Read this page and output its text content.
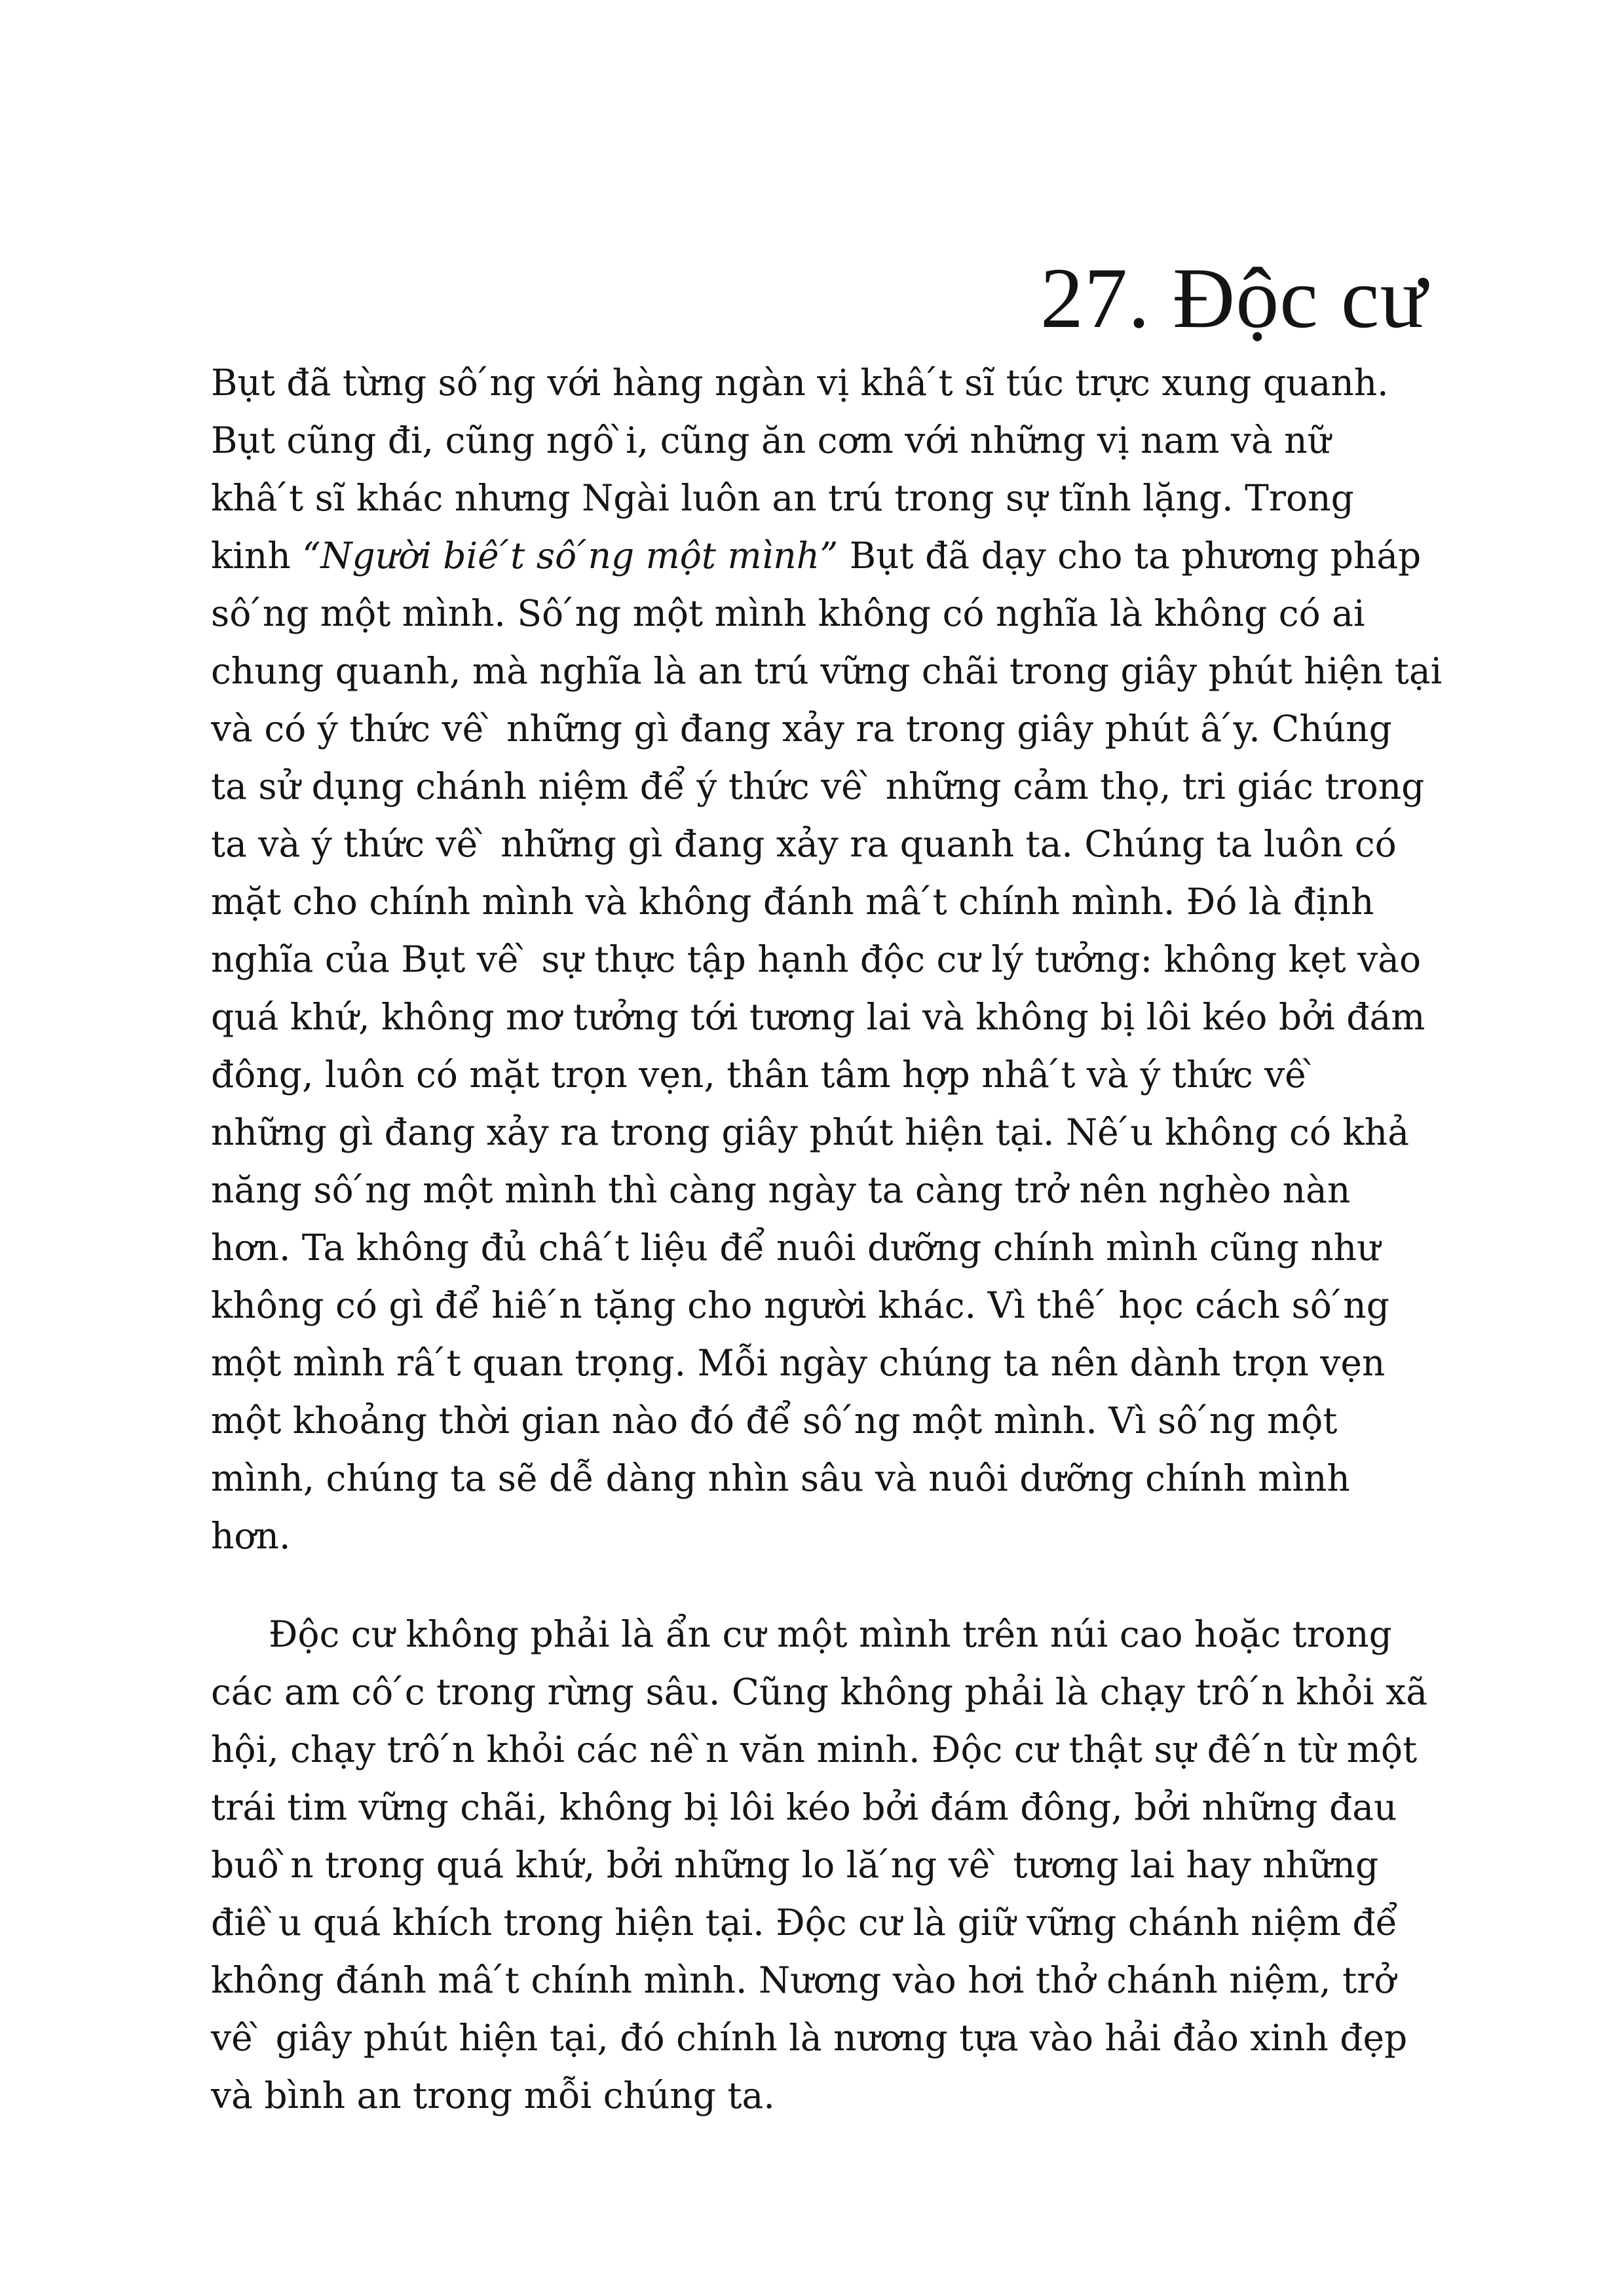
27. Độc cư
Bụt đã từng sô ́ng với hàng ngàn vị khâ ́t sĩ túc trực xung quanh.
Bụt cũng đi, cũng ngô ̀i, cũng ăn cơm với những vị nam và nữ
khâ ́t sĩ khác nhưng Ngài luôn an trú trong sự tĩnh lặng. Trong
kinh “Người biê ́t sô ́ng một mình” Bụt đã dạy cho ta phương pháp
sô ́ng một mình. Sô ́ng một mình không có nghĩa là không có ai
chung quanh, mà nghĩa là an trú vững chãi trong giây phút hiện tại
và có ý thức vê ̀ những gì đang xảy ra trong giây phút â ́y. Chúng
ta sử dụng chánh niệm để ý thức vê ̀ những cảm thọ, tri giác trong
ta và ý thức vê ̀ những gì đang xảy ra quanh ta. Chúng ta luôn có
mặt cho chính mình và không đánh mâ ́t chính mình. Đó là định
nghĩa của Bụt vê ̀ sự thực tập hạnh độc cư lý tưởng: không kẹt vào
quá khứ, không mơ tưởng tới tương lai và không bị lôi kéo bởi đám
đông, luôn có mặt trọn vẹn, thân tâm hợp nhâ ́t và ý thức vê ̀
những gì đang xảy ra trong giây phút hiện tại. Nê ́u không có khả
năng sô ́ng một mình thì càng ngày ta càng trở nên nghèo nàn
hơn. Ta không đủ châ ́t liệu để nuôi dưỡng chính mình cũng như
không có gì để hiê ́n tặng cho người khác. Vì thê ́ học cách sô ́ng
một mình râ ́t quan trọng. Mỗi ngày chúng ta nên dành trọn vẹn
một khoảng thời gian nào đó để sô ́ng một mình. Vì sô ́ng một
mình, chúng ta sẽ dễ dàng nhìn sâu và nuôi dưỡng chính mình
hơn.
Độc cư không phải là ẩn cư một mình trên núi cao hoặc trong
các am cô ́c trong rừng sâu. Cũng không phải là chạy trô ́n khỏi xã
hội, chạy trô ́n khỏi các nê ̀n văn minh. Độc cư thật sự đê ́n từ một
trái tim vững chãi, không bị lôi kéo bởi đám đông, bởi những đau
buô ̀n trong quá khứ, bởi những lo lă ́ng vê ̀ tương lai hay những
điê ̀u quá khích trong hiện tại. Độc cư là giữ vững chánh niệm để
không đánh mâ ́t chính mình. Nương vào hơi thở chánh niệm, trở
vê ̀ giây phút hiện tại, đó chính là nương tựa vào hải đảo xinh đẹp
và bình an trong mỗi chúng ta.
